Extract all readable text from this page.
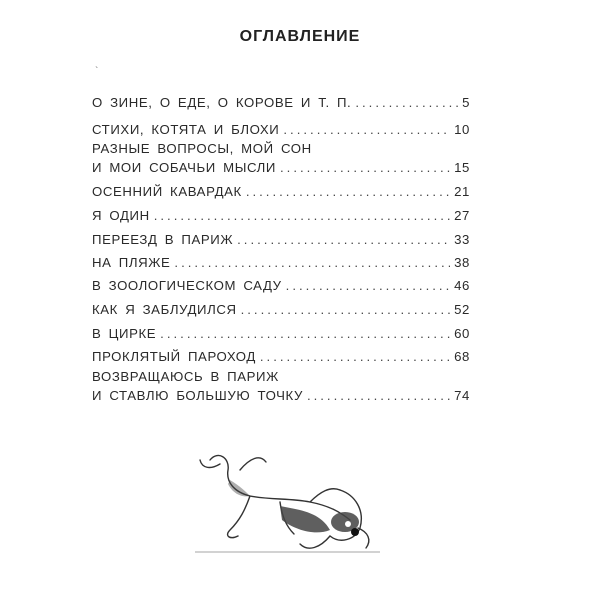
ОГЛАВЛЕНИЕ
`
О ЗИНЕ, О ЕДЕ, О КОРОВЕ И Т. П. .....	5
СТИХИ, КОТЯТА И БЛОХИ .....	10
РАЗНЫЕ ВОПРОСЫ, МОЙ СОН
И МОИ СОБАЧЬИ МЫСЛИ .....	15
ОСЕННИЙ КАВАРДАК .....	21
Я ОДИН .....	27
ПЕРЕЕЗД В ПАРИЖ .....	33
НА ПЛЯЖЕ .....	38
В ЗООЛОГИЧЕСКОМ САДУ .....	46
КАК Я ЗАБЛУДИЛСЯ .....	52
В ЦИРКЕ .....	60
ПРОКЛЯТЫЙ ПАРОХОД .....	68
ВОЗВРАЩАЮСЬ В ПАРИЖ
И СТАВЛЮ БОЛЬШУЮ ТОЧКУ .....	74
